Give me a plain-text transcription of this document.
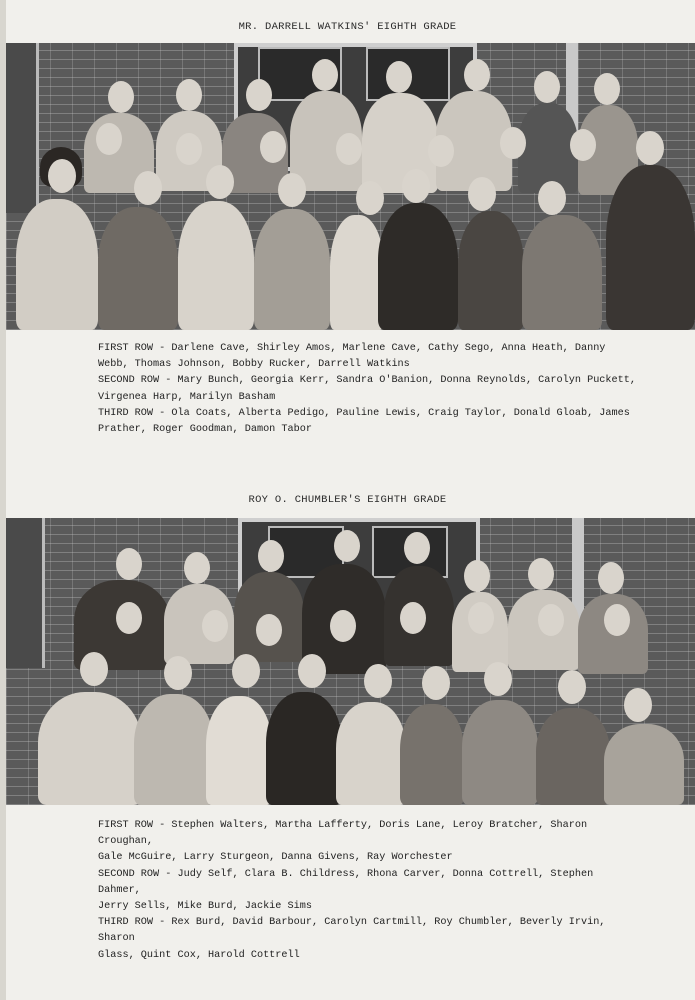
MR. DARRELL WATKINS' EIGHTH GRADE

FIRST ROW - Darlene Cave, Shirley Amos, Marlene Cave, Cathy Sego, Anna Heath, Danny

Webb, Thomas Johnson, Bobby Rucker, Darrell Watkins

SECOND ROW - Mary Bunch, Georgia Kerr, Sandra O'Banion, Donna Reynolds, Carolyn Puckett,

Virgenea Harp, Marilyn Basham

THIRD ROW - Ola Coats, Alberta Pedigo, Pauline Lewis, Craig Taylor, Donald Gloab, James

Prather, Roger Goodman, Damon Tabor

ROY O. CHUMBLER'S EIGHTH GRADE

FIRST ROW - Stephen Walters, Martha Lafferty, Doris Lane, Leroy Bratcher, Sharon Croughan,

Gale McGuire, Larry Sturgeon, Danna Givens, Ray Worchester

SECOND ROW - Judy Self, Clara B. Childress, Rhona Carver, Donna Cottrell, Stephen Dahmer,

Jerry Sells, Mike Burd, Jackie Sims

THIRD ROW - Rex Burd, David Barbour, Carolyn Cartmill, Roy Chumbler, Beverly Irvin, Sharon

Glass, Quint Cox, Harold Cottrell
